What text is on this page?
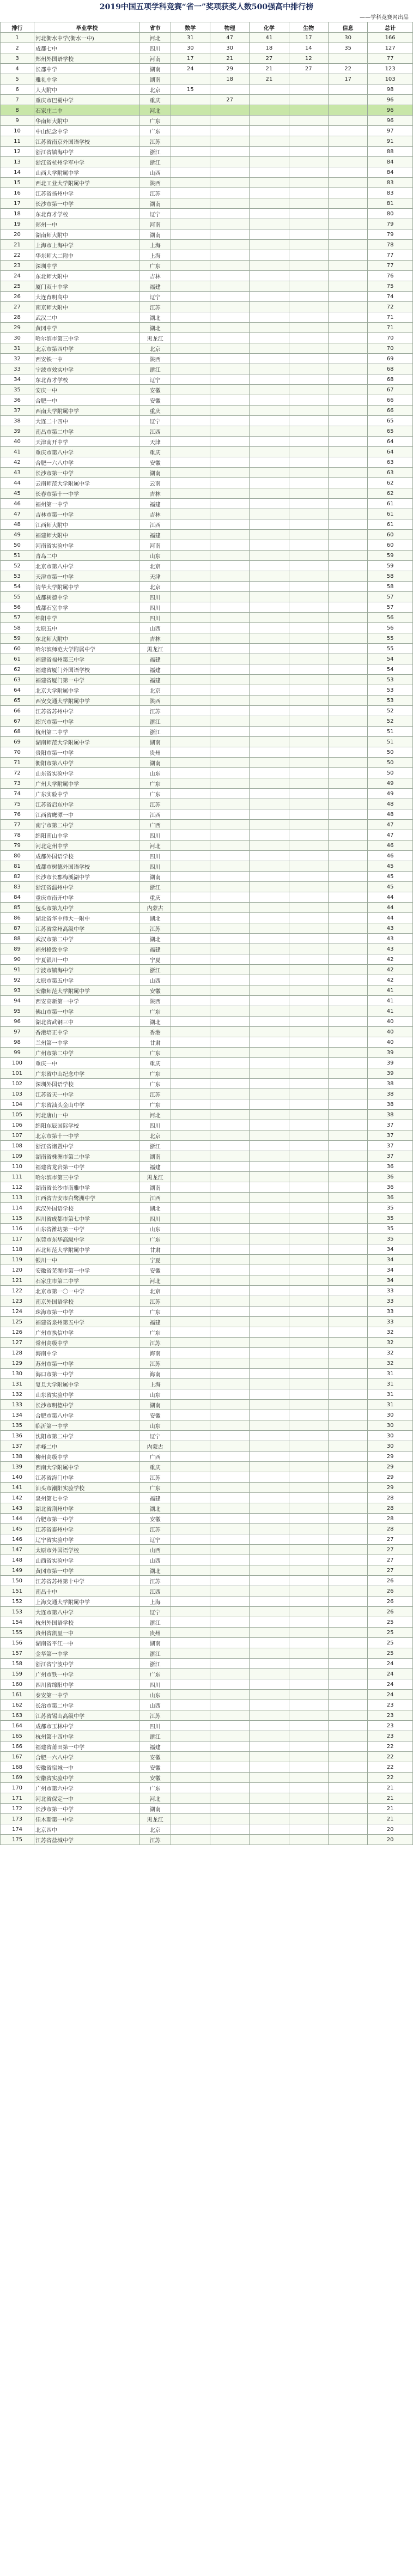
2019中国五项学科竞赛“省一”奖项获奖人数500强高中排行榜
——学科竞赛网出品
排行	毕业学校	省市	数学	物理	化学	生物	信息	总计
1	河北衡水中学(衡水一中)	河北	31	47	41	17	30	166
2	成都七中	四川	30	30	18	14	35	127
3	郑州外国语学校	河南	17	21	27	12		77
4	长郡中学	湖南	24	29	21	27	22	123
5	雅礼中学	湖南		18	21		17	103
6	人大附中	北京	15					98
7	重庆市巴蜀中学	重庆		27				96
8	石家庄二中	河北						96
9	华南师大附中	广东						96
10	中山纪念中学	广东						97
11	江苏省南京外国语学校	江苏						91
12	浙江省镇海中学	浙江						88
13	浙江省杭州学军中学	浙江						84
14	山西大学附属中学	山西						84
15	西北工业大学附属中学	陕西						83
16	江苏省扬州中学	江苏						83
17	长沙市第一中学	湖南						81
18	东北育才学校	辽宁						80
19	郑州一中	河南						79
20	湖南师大附中	湖南						79
21	上海市上海中学	上海						78
22	华东师大二附中	上海						77
23	深圳中学	广东						77
24	东北师大附中	吉林						76
25	厦门双十中学	福建						75
26	大连育明高中	辽宁						74
27	南京师大附中	江苏						72
28	武汉二中	湖北						71
29	黄冈中学	湖北						71
30	哈尔滨市第三中学	黑龙江						70
31	北京市第四中学	北京						70
32	西安铁一中	陕西						69
33	宁波市效实中学	浙江						68
34	东北育才学校	辽宁						68
35	安庆一中	安徽						67
36	合肥一中	安徽						66
37	西南大学附属中学	重庆						66
38	大连二十四中	辽宁						65
39	南昌市第二中学	江西						65
40	天津南开中学	天津						64
41	重庆市第八中学	重庆						64
42	合肥一六八中学	安徽						63
43	长沙市第一中学	湖南						63
44	云南师范大学附属中学	云南						62
45	长春市第十一中学	吉林						62
46	福州第一中学	福建						61
47	吉林市第一中学	吉林						61
48	江西师大附中	江西						61
49	福建师大附中	福建						60
50	河南省实验中学	河南						60
51	青岛二中	山东						59
52	北京市第八中学	北京						59
53	天津市第一中学	天津						58
54	清华大学附属中学	北京						58
55	成都树德中学	四川						57
56	成都石室中学	四川						57
57	绵阳中学	四川						56
58	太原五中	山西						56
59	东北师大附中	吉林						55
60	哈尔滨师范大学附属中学	黑龙江						55
61	福建省福州第三中学	福建						54
62	福建省厦门外国语学校	福建						54
63	福建省厦门第一中学	福建						53
64	北京大学附属中学	北京						53
65	西安交通大学附属中学	陕西						53
66	江苏省苏州中学	江苏						52
67	绍兴市第一中学	浙江						52
68	杭州第二中学	浙江						51
69	湖南师范大学附属中学	湖南						51
70	贵阳市第一中学	贵州						50
71	衡阳市第八中学	湖南						50
72	山东省实验中学	山东						50
73	广州大学附属中学	广东						49
74	广东实验中学	广东						49
75	江苏省启东中学	江苏						48
76	江西省鹰潭一中	江西						48
77	南宁市第二中学	广西						47
78	绵阳南山中学	四川						47
79	河北定州中学	河北						46
80	成都外国语学校	四川						46
81	成都市树德外国语学校	四川						45
82	长沙市长郡梅溪湖中学	湖南						45
83	浙江省温州中学	浙江						45
84	重庆市南开中学	重庆						44
85	包头市第九中学	内蒙古						44
86	湖北省华中师大一附中	湖北						44
87	江苏省常州高级中学	江苏						43
88	武汉市第二中学	湖北						43
89	福州格致中学	福建						43
90	宁夏银川一中	宁夏						42
91	宁波市镇海中学	浙江						42
92	太原市第五中学	山西						42
93	安徽师范大学附属中学	安徽						41
94	西安高新第一中学	陕西						41
95	佛山市第一中学	广东						41
96	湖北省武钢三中	湖北						40
97	香港培正中学	香港						40
98	兰州第一中学	甘肃						40
99	广州市第二中学	广东						39
100	重庆一中	重庆						39
101	广东省中山纪念中学	广东						39
102	深圳外国语学校	广东						38
103	江苏省天一中学	江苏						38
104	广东省汕头金山中学	广东						38
105	河北唐山一中	河北						38
106	绵阳东辰国际学校	四川						37
107	北京市第十一中学	北京						37
108	浙江省诸暨中学	浙江						37
109	湖南省株洲市第二中学	湖南						37
110	福建省龙岩第一中学	福建						36
111	哈尔滨市第三中学	黑龙江						36
112	湖南省长沙市南雅中学	湖南						36
113	江西省吉安市白鹭洲中学	江西						36
114	武汉外国语学校	湖北						35
115	四川省成都市第七中学	四川						35
116	山东省潍坊第一中学	山东						35
117	东莞市东华高级中学	广东						35
118	西北师范大学附属中学	甘肃						34
119	银川一中	宁夏						34
120	安徽省芜湖市第一中学	安徽						34
121	石家庄市第二中学	河北						34
122	北京市第一〇一中学	北京						33
123	南京外国语学校	江苏						33
124	珠海市第一中学	广东						33
125	福建省泉州第五中学	福建						33
126	广州市执信中学	广东						32
127	常州高级中学	江苏						32
128	海南中学	海南						32
129	苏州市第一中学	江苏						32
130	海口市第一中学	海南						31
131	复旦大学附属中学	上海						31
132	山东省实验中学	山东						31
133	长沙市明德中学	湖南						31
134	合肥市第八中学	安徽						30
135	临沂第一中学	山东						30
136	沈阳市第二中学	辽宁						30
137	赤峰二中	内蒙古						30
138	柳州高级中学	广西						29
139	西南大学附属中学	重庆						29
140	江苏省海门中学	江苏						29
141	汕头市潮阳实验学校	广东						29
142	泉州第七中学	福建						28
143	湖北省荆州中学	湖北						28
144	合肥市第一中学	安徽						28
145	江苏省泰州中学	江苏						28
146	辽宁省实验中学	辽宁						27
147	太原市外国语学校	山西						27
148	山西省实验中学	山西						27
149	黄冈市第一中学	湖北						27
150	江苏省苏州第十中学	江苏						26
151	南昌十中	江西						26
152	上海交通大学附属中学	上海						26
153	大连市第八中学	辽宁						26
154	杭州外国语学校	浙江						25
155	贵州省凯里一中	贵州						25
156	湖南省平江一中	湖南						25
157	金华第一中学	浙江						25
158	浙江省宁波中学	浙江						24
159	广州市铁一中学	广东						24
160	四川省绵阳中学	四川						24
161	泰安第一中学	山东						24
162	长治市第二中学	山西						23
163	江苏省锡山高级中学	江苏						23
164	成都市玉林中学	四川						23
165	杭州第十四中学	浙江						23
166	福建省莆田第一中学	福建						22
167	合肥一六八中学	安徽						22
168	安徽省宿城一中	安徽						22
169	安徽省实验中学	安徽						22
170	广州市第六中学	广东						21
171	河北省保定一中	河北						21
172	长沙市第一中学	湖南						21
173	佳木斯第一中学	黑龙江						21
174	北京四中	北京						20
175	江苏省盐城中学	江苏						20
